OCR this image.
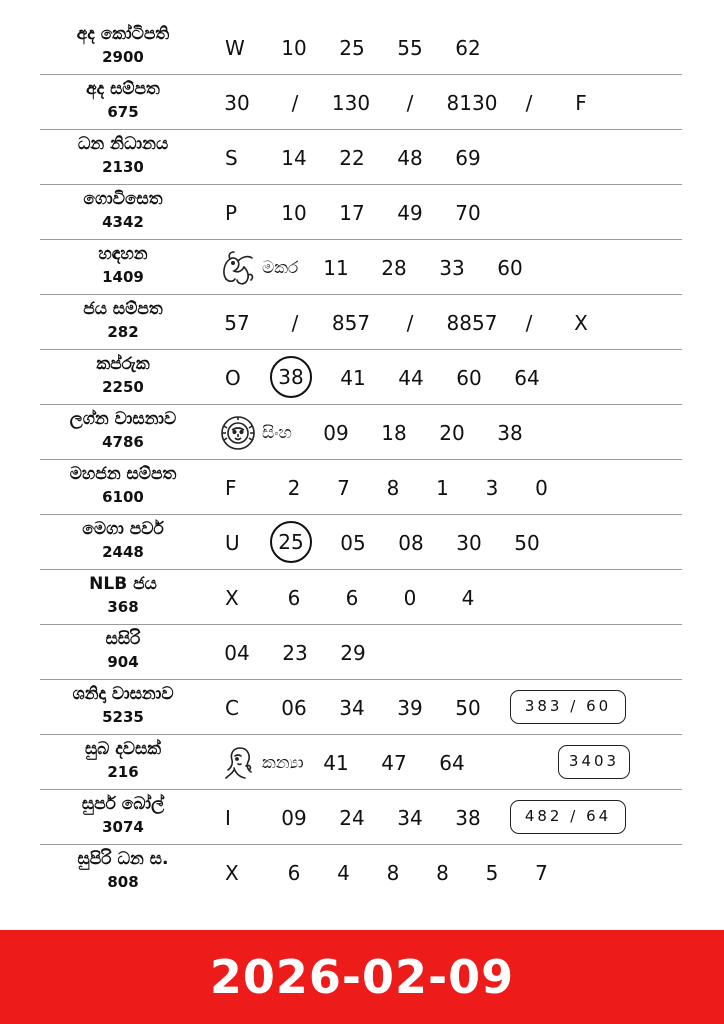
අද කෝටිපති
2900	W 10 25 55 62
අද සම්පත
675	30 / 130 / 8130 / F
ධන නිධානය
2130	S 14 22 48 69
ගොවිසෙත
4342	P 10 17 49 70
හඳහන
1409	මකර 11 28 33 60
ජය සම්පත
282	57 / 857 / 8857 / X
කප්රුක
2250	O	38	41 44 60 64
ලග්න වාසනාව
4786	සිංහ 09 18 20 38
මහජන සම්පත
6100	F	2 7 8 1 3 0
මෙගා පවර්
2448	U	25	05 08 30 50
NLB ජය
368	X 6 6 0 4
සසිරි
904	04 23 29
ශනිදා වාසනාව
5235	C 06 34 39 50	383 / 60
සුබ දවසක්
216	කන්‍යා 41 47 64	3403
සුපර් බෝල්
3074	I	09 24 34 38	482 / 64
සුපිරි ධන ස.
808	X 6 4 8 8 5 7
2026-02-09
